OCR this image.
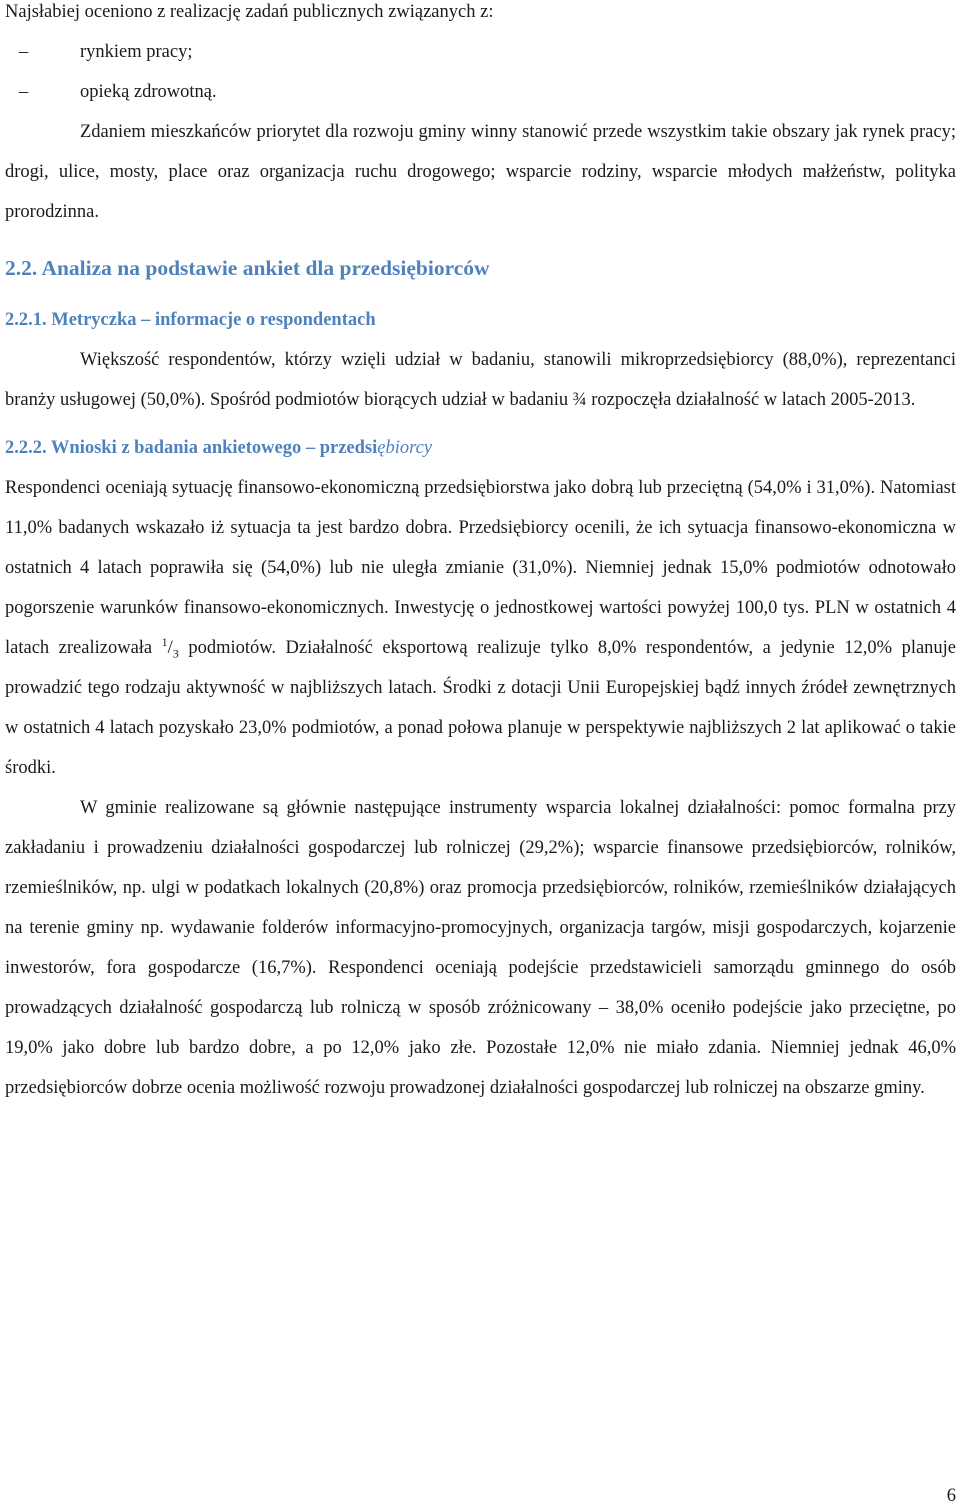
Najsłabiej oceniono z realizację zadań publicznych związanych z:

–	rynkiem pracy;
–	opieką zdrowotną.

Zdaniem mieszkańców priorytet dla rozwoju gminy winny stanowić przede wszystkim takie obszary jak rynek pracy; drogi, ulice, mosty, place oraz organizacja ruchu drogowego; wsparcie rodziny, wsparcie młodych małżeństw, polityka prorodzinna.

2.2. Analiza na podstawie ankiet dla przedsiębiorców
2.2.1. Metryczka – informacje o respondentach

Większość respondentów, którzy wzięli udział w badaniu, stanowili mikroprzedsiębiorcy (88,0%), reprezentanci branży usługowej (50,0%). Spośród podmiotów biorących udział w badaniu ¾ rozpoczęła działalność w latach 2005-2013.

2.2.2. Wnioski z badania ankietowego – przedsiębiorcy

Respondenci oceniają sytuację finansowo-ekonomiczną przedsiębiorstwa jako dobrą lub przeciętną (54,0% i 31,0%). Natomiast 11,0% badanych wskazało iż sytuacja ta jest bardzo dobra. Przedsiębiorcy ocenili, że ich sytuacja finansowo-ekonomiczna w ostatnich 4 latach poprawiła się (54,0%) lub nie uległa zmianie (31,0%). Niemniej jednak 15,0% podmiotów odnotowało pogorszenie warunków finansowo-ekonomicznych. Inwestycję o jednostkowej wartości powyżej 100,0 tys. PLN w ostatnich 4 latach zrealizowała $^1/_3$ podmiotów. Działalność eksportową realizuje tylko 8,0% respondentów, a jedynie 12,0% planuje prowadzić tego rodzaju aktywność w najbliższych latach. Środki z dotacji Unii Europejskiej bądź innych źródeł zewnętrznych w ostatnich 4 latach pozyskało 23,0% podmiotów, a ponad połowa planuje w perspektywie najbliższych 2 lat aplikować o takie środki.

W gminie realizowane są głównie następujące instrumenty wsparcia lokalnej działalności: pomoc formalna przy zakładaniu i prowadzeniu działalności gospodarczej lub rolniczej (29,2%); wsparcie finansowe przedsiębiorców, rolników, rzemieślników, np. ulgi w podatkach lokalnych (20,8%) oraz promocja przedsiębiorców, rolników, rzemieślników działających na terenie gminy np. wydawanie folderów informacyjno-promocyjnych, organizacja targów, misji gospodarczych, kojarzenie inwestorów, fora gospodarcze (16,7%). Respondenci oceniają podejście przedstawicieli samorządu gminnego do osób prowadzących działalność gospodarczą lub rolniczą w sposób zróżnicowany – 38,0% oceniło podejście jako przeciętne, po 19,0% jako dobre lub bardzo dobre, a po 12,0% jako złe. Pozostałe 12,0% nie miało zdania. Niemniej jednak 46,0% przedsiębiorców dobrze ocenia możliwość rozwoju prowadzonej działalności gospodarczej lub rolniczej na obszarze gminy.

6
